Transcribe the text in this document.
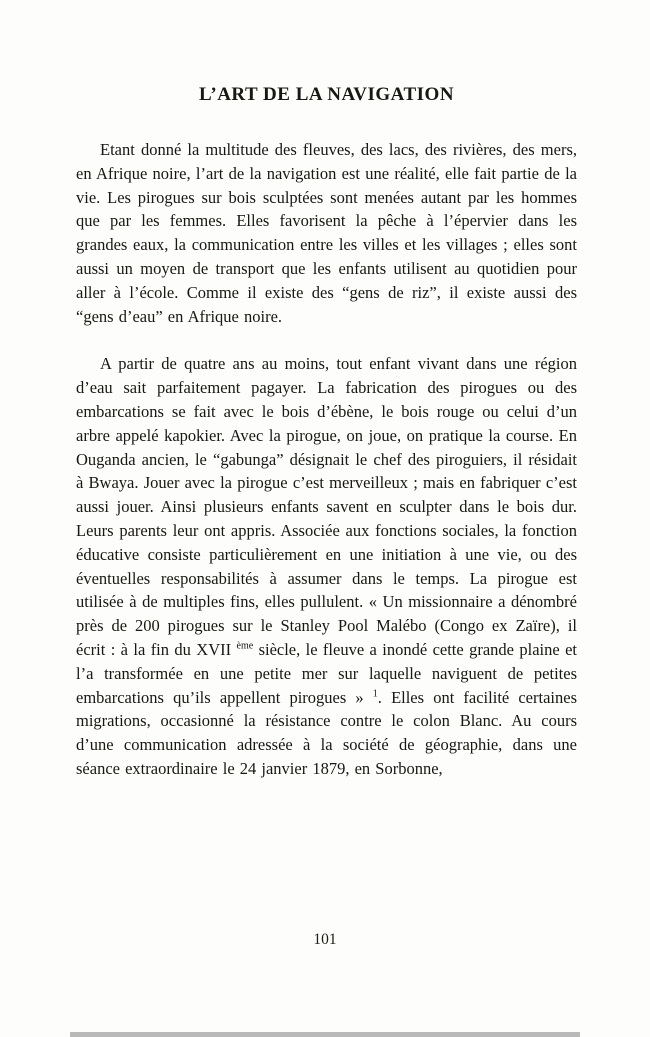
L’ART DE LA NAVIGATION

Etant donné la multitude des fleuves, des lacs, des rivières, des mers, en Afrique noire, l’art de la navigation est une réalité, elle fait partie de la vie. Les pirogues sur bois sculptées sont menées autant par les hommes que par les femmes. Elles favorisent la pêche à l’épervier dans les grandes eaux, la communication entre les villes et les villages ; elles sont aussi un moyen de transport que les enfants utilisent au quotidien pour aller à l’école. Comme il existe des “gens de riz”, il existe aussi des “gens d’eau” en Afrique noire.

A partir de quatre ans au moins, tout enfant vivant dans une région d’eau sait parfaitement pagayer. La fabrication des pirogues ou des embarcations se fait avec le bois d’ébène, le bois rouge ou celui d’un arbre appelé kapokier. Avec la pirogue, on joue, on pratique la course. En Ouganda ancien, le “gabunga” désignait le chef des piroguiers, il résidait à Bwaya. Jouer avec la pirogue c’est merveilleux ; mais en fabriquer c’est aussi jouer. Ainsi plusieurs enfants savent en sculpter dans le bois dur. Leurs parents leur ont appris. Associée aux fonctions sociales, la fonction éducative consiste particulièrement en une initiation à une vie, ou des éventuelles responsabilités à assumer dans le temps. La pirogue est utilisée à de multiples fins, elles pullulent. « Un missionnaire a dénombré près de 200 pirogues sur le Stanley Pool Malébo (Congo ex Zaïre), il écrit : à la fin du XVII $^{ème}$ siècle, le fleuve a inondé cette grande plaine et l’a transformée en une petite mer sur laquelle naviguent de petites embarcations qu’ils appellent pirogues » $^1$. Elles ont facilité certaines migrations, occasionné la résistance contre le colon Blanc. Au cours d’une communication adressée à la société de géographie, dans une séance extraordinaire le 24 janvier 1879, en Sorbonne,

101
